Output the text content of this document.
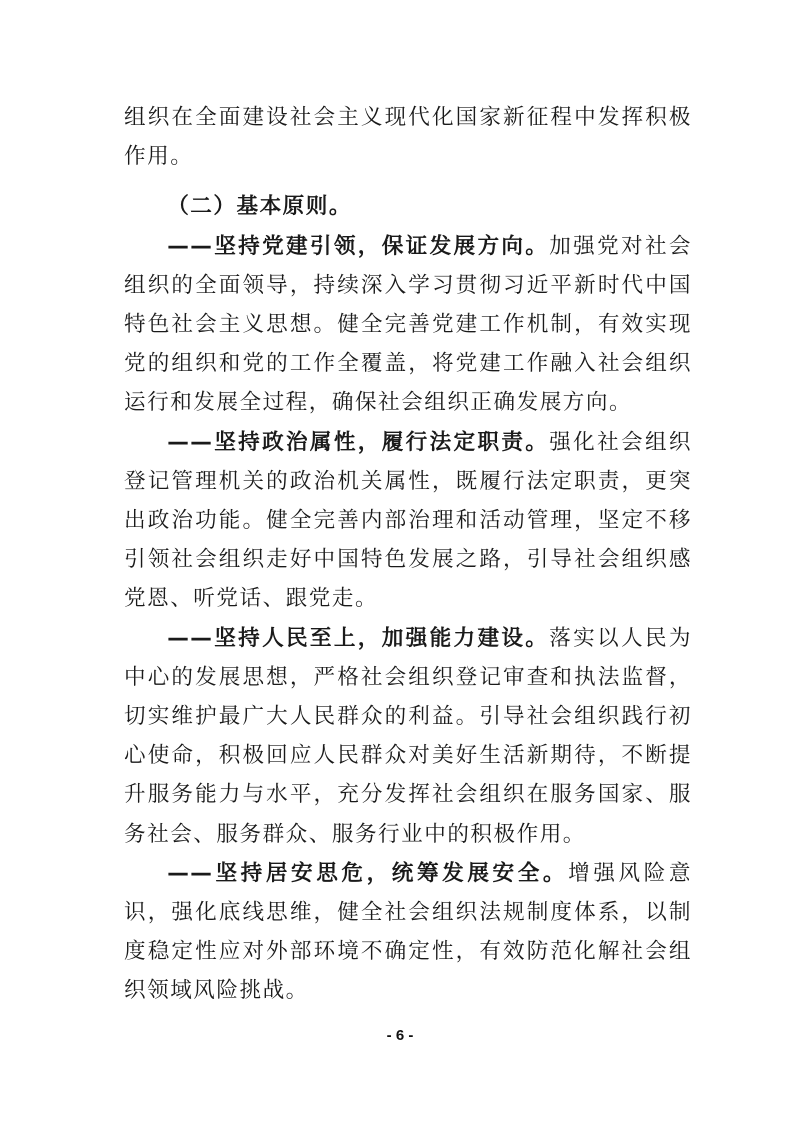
组织在全面建设社会主义现代化国家新征程中发挥积极作用。

（二）基本原则。

——坚持党建引领，保证发展方向。加强党对社会组织的全面领导，持续深入学习贯彻习近平新时代中国特色社会主义思想。健全完善党建工作机制，有效实现党的组织和党的工作全覆盖，将党建工作融入社会组织运行和发展全过程，确保社会组织正确发展方向。

——坚持政治属性，履行法定职责。强化社会组织登记管理机关的政治机关属性，既履行法定职责，更突出政治功能。健全完善内部治理和活动管理，坚定不移引领社会组织走好中国特色发展之路，引导社会组织感党恩、听党话、跟党走。

——坚持人民至上，加强能力建设。落实以人民为中心的发展思想，严格社会组织登记审查和执法监督，切实维护最广大人民群众的利益。引导社会组织践行初心使命，积极回应人民群众对美好生活新期待，不断提升服务能力与水平，充分发挥社会组织在服务国家、服务社会、服务群众、服务行业中的积极作用。

——坚持居安思危，统筹发展安全。增强风险意识，强化底线思维，健全社会组织法规制度体系，以制度稳定性应对外部环境不确定性，有效防范化解社会组织领域风险挑战。

- 6 -
